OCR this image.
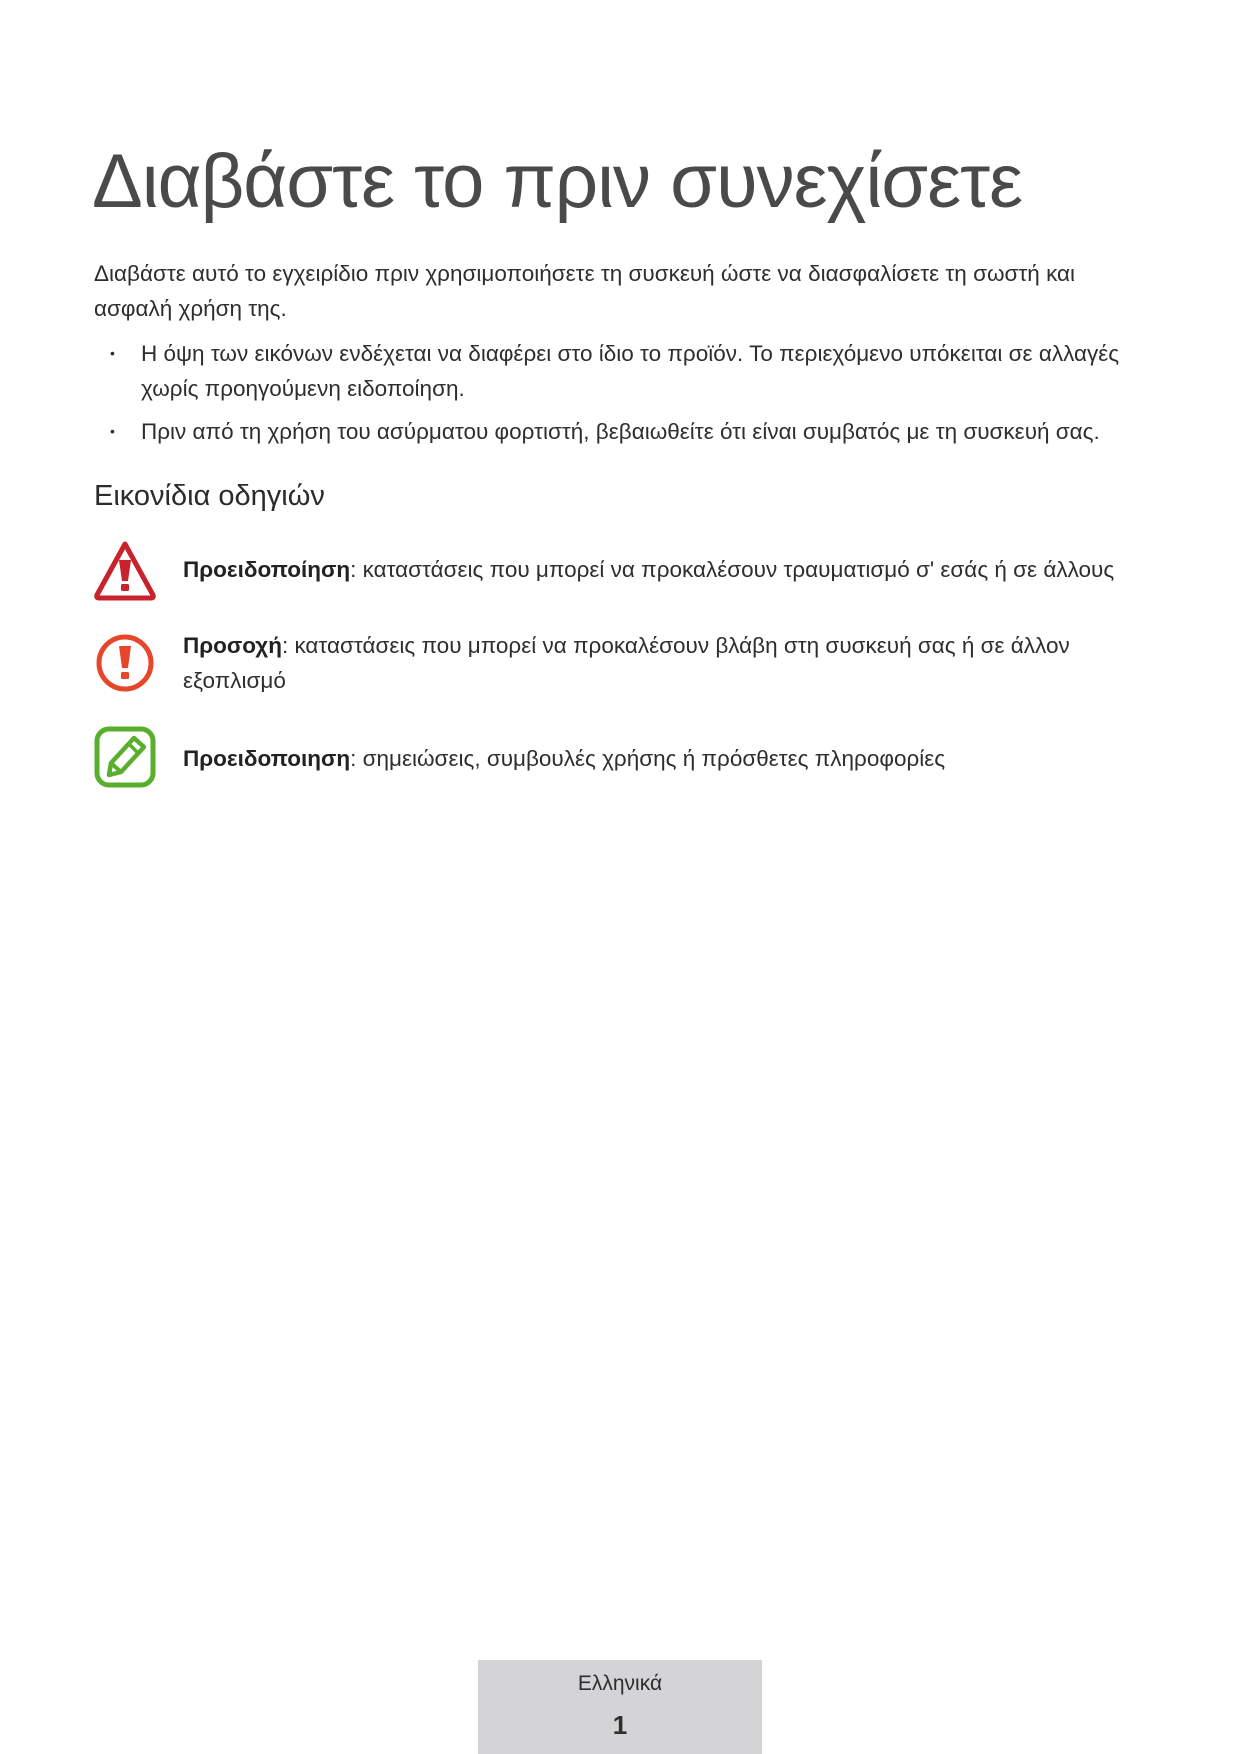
Διαβάστε το πριν συνεχίσετε

Διαβάστε αυτό το εγχειρίδιο πριν χρησιμοποιήσετε τη συσκευή ώστε να διασφαλίσετε τη σωστή και ασφαλή χρήση της.

• Η όψη των εικόνων ενδέχεται να διαφέρει στο ίδιο το προϊόν. Το περιεχόμενο υπόκειται σε αλλαγές χωρίς προηγούμενη ειδοποίηση.
• Πριν από τη χρήση του ασύρματου φορτιστή, βεβαιωθείτε ότι είναι συμβατός με τη συσκευή σας.
Εικονίδια οδηγιών
Προειδοποίηση: καταστάσεις που μπορεί να προκαλέσουν τραυματισμό σ' εσάς ή σε άλλους
Προσοχή: καταστάσεις που μπορεί να προκαλέσουν βλάβη στη συσκευή σας ή σε άλλον εξοπλισμό
Προειδοποιηση: σημειώσεις, συμβουλές χρήσης ή πρόσθετες πληροφορίες
Ελληνικά
1
